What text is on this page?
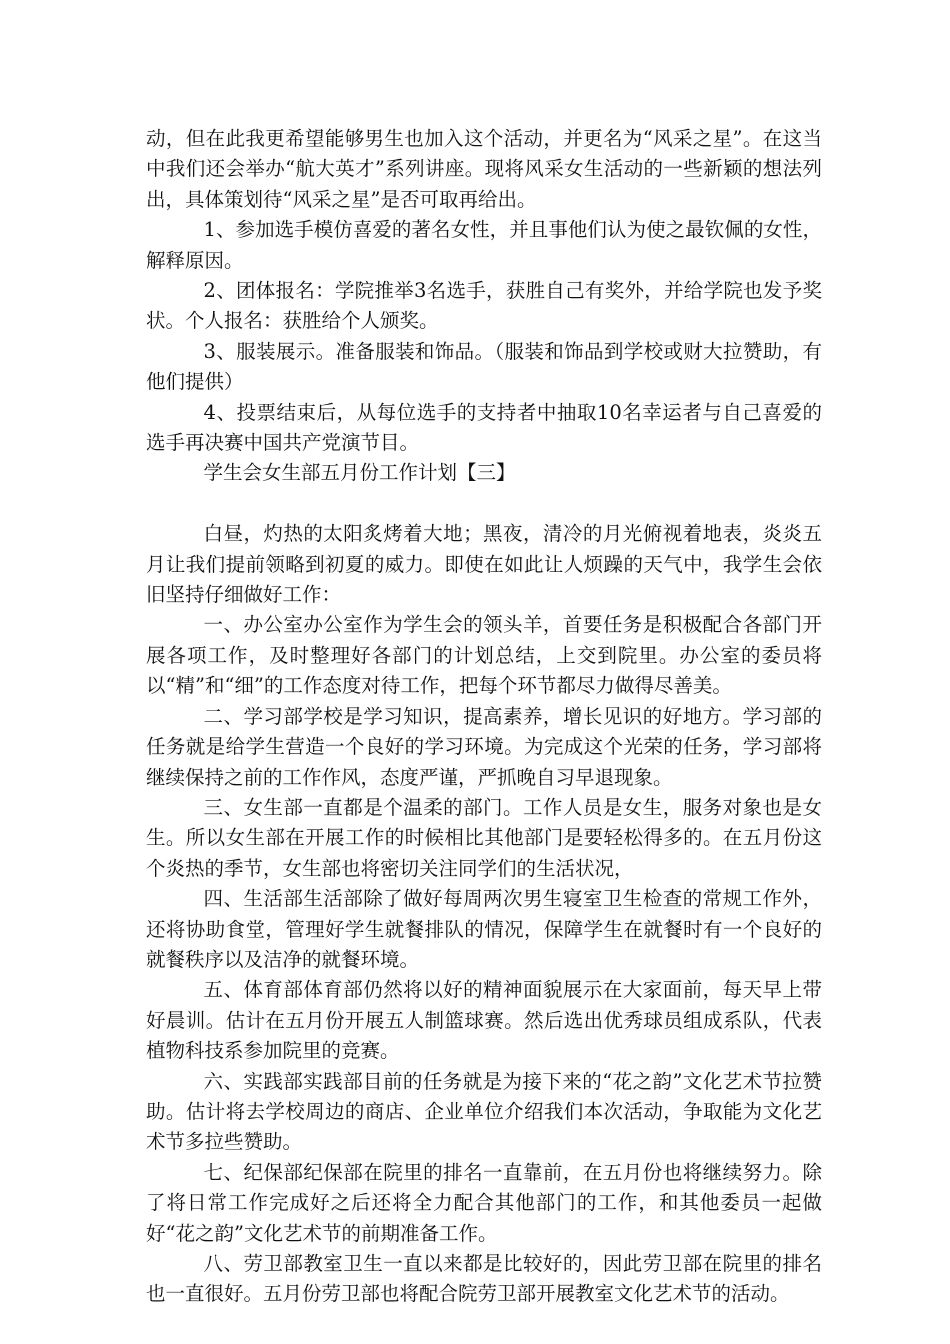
动，但在此我更希望能够男生也加入这个活动，并更名为“风采之星”。在这当中我们还会举办“航大英才”系列讲座。现将风采女生活动的一些新颖的想法列出，具体策划待“风采之星”是否可取再给出。

1、参加选手模仿喜爱的著名女性，并且事他们认为使之最钦佩的女性，解释原因。

2、团体报名：学院推举3名选手，获胜自己有奖外，并给学院也发予奖状。个人报名：获胜给个人颁奖。

3、服装展示。准备服装和饰品。（服装和饰品到学校或财大拉赞助，有他们提供）

4、投票结束后，从每位选手的支持者中抽取10名幸运者与自己喜爱的选手再决赛中国共产党演节目。

学生会女生部五月份工作计划【三】

白昼，灼热的太阳炙烤着大地；黑夜，清冷的月光俯视着地表，炎炎五月让我们提前领略到初夏的威力。即使在如此让人烦躁的天气中，我学生会依旧坚持仔细做好工作：

一、办公室办公室作为学生会的领头羊，首要任务是积极配合各部门开展各项工作，及时整理好各部门的计划总结，上交到院里。办公室的委员将以“精”和“细”的工作态度对待工作，把每个环节都尽力做得尽善美。

二、学习部学校是学习知识，提高素养，增长见识的好地方。学习部的任务就是给学生营造一个良好的学习环境。为完成这个光荣的任务，学习部将继续保持之前的工作作风，态度严谨，严抓晚自习早退现象。

三、女生部一直都是个温柔的部门。工作人员是女生，服务对象也是女生。所以女生部在开展工作的时候相比其他部门是要轻松得多的。在五月份这个炎热的季节，女生部也将密切关注同学们的生活状况，

四、生活部生活部除了做好每周两次男生寝室卫生检查的常规工作外，还将协助食堂，管理好学生就餐排队的情况，保障学生在就餐时有一个良好的就餐秩序以及洁净的就餐环境。

五、体育部体育部仍然将以好的精神面貌展示在大家面前，每天早上带好晨训。估计在五月份开展五人制篮球赛。然后选出优秀球员组成系队，代表植物科技系参加院里的竞赛。

六、实践部实践部目前的任务就是为接下来的“花之韵”文化艺术节拉赞助。估计将去学校周边的商店、企业单位介绍我们本次活动，争取能为文化艺术节多拉些赞助。

七、纪保部纪保部在院里的排名一直靠前，在五月份也将继续努力。除了将日常工作完成好之后还将全力配合其他部门的工作，和其他委员一起做好“花之韵”文化艺术节的前期准备工作。

八、劳卫部教室卫生一直以来都是比较好的，因此劳卫部在院里的排名也一直很好。五月份劳卫部也将配合院劳卫部开展教室文化艺术节的活动。
